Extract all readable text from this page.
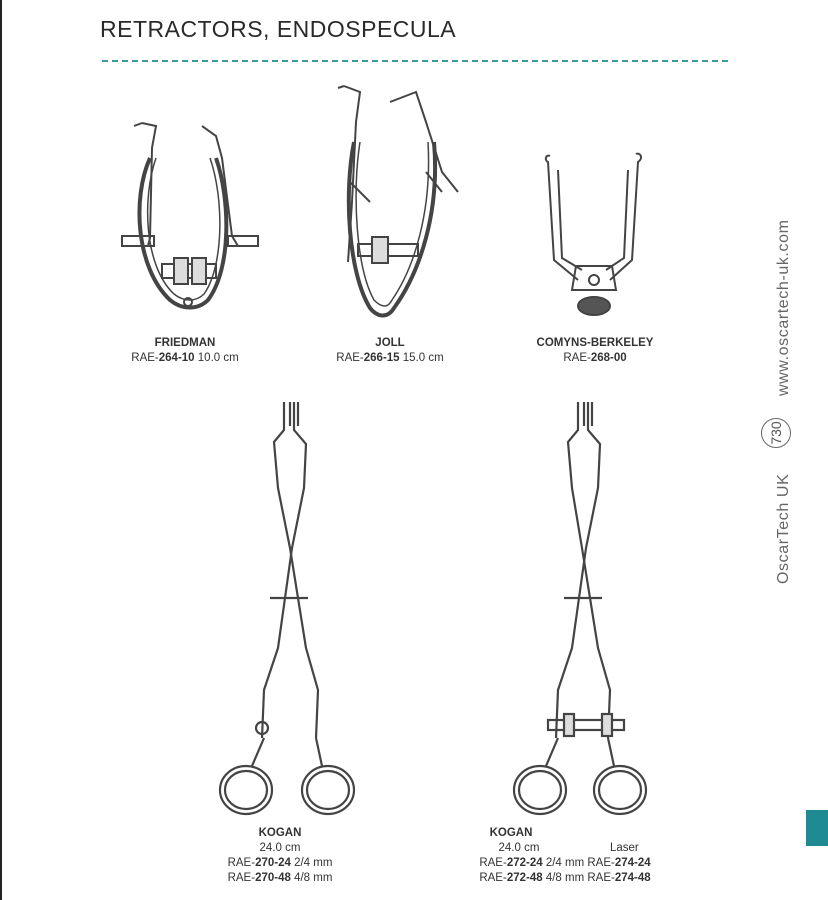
RETRACTORS, ENDOSPECULA
FRIEDMAN
RAE-264-10 10.0 cm
JOLL
RAE-266-15 15.0 cm
COMYNS-BERKELEY
RAE-268-00
KOGAN
24.0 cm
RAE-270-24 2/4 mm
RAE-270-48 4/8 mm
KOGAN
24.0 cm	Laser
RAE-272-24 2/4 mm RAE-274-24
RAE-272-48 4/8 mm RAE-274-48
www.oscartech-uk.com
730
OscarTech UK
